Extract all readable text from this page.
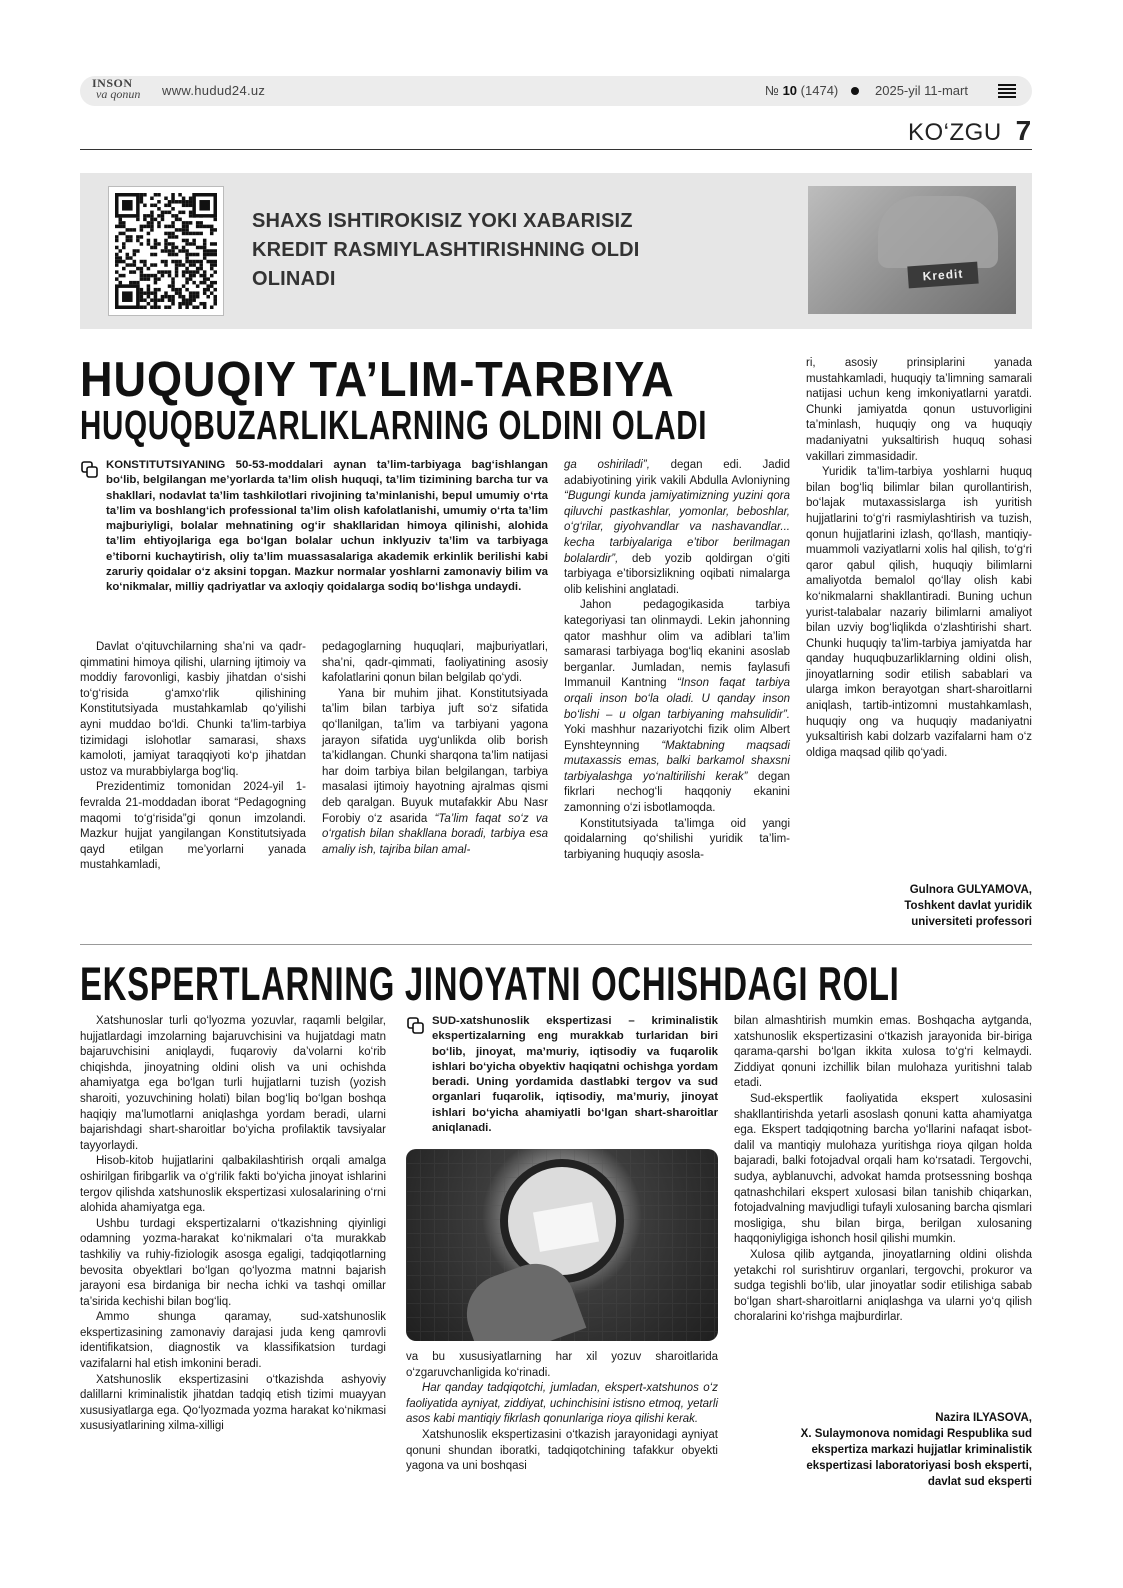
INSON
va qonun	www.hudud24.uz	№ 10 (1474)	2025-yil 11-mart
KO‘ZGU 7
SHAXS ISHTIROKISIZ YOKI XABARISIZ KREDIT RASMIYLASHTIRISHNING OLDI OLINADI	Kredit
HUQUQIY TA’LIM-TARBIYA
HUQUQBUZARLIKLARNING OLDINI OLADI
KONSTITUTSIYANING 50-53-moddalari aynan ta’lim-tarbiyaga bag‘ishlangan bo‘lib, belgilangan me’yorlarda ta’lim olish huquqi, ta’lim tizimining barcha tur va shakllari, nodavlat ta’lim tashkilotlari rivojining ta’minlanishi, bepul umumiy o‘rta ta’lim va boshlang‘ich professional ta’lim olish kafolatlanishi, umumiy o‘rta ta’lim majburiyligi, bolalar mehnatining og‘ir shakllaridan himoya qilinishi, alohida ta’lim ehtiyojlariga ega bo‘lgan bolalar uchun inklyuziv ta’lim va tarbiyaga e’tiborni kuchaytirish, oliy ta’lim muassasalariga akademik erkinlik berilishi kabi zaruriy qoidalar o‘z aksini topgan. Mazkur normalar yoshlarni zamonaviy bilim va ko‘nikmalar, milliy qadriyatlar va axloqiy qoidalarga sodiq bo‘lishga undaydi.

Davlat o‘qituvchilarning sha’ni va qadr-qimmatini himoya qilishi, ularning ijtimoiy va moddiy farovonligi, kasbiy jihatdan o‘sishi to‘g‘risida g‘amxo‘rlik qilishining Konstitutsiyada mustahkamlab qo‘yilishi ayni muddao bo‘ldi. Chunki ta’lim-tarbiya tizimidagi islohotlar samarasi, shaxs kamoloti, jamiyat taraqqiyoti ko‘p jihatdan ustoz va murabbiylarga bog‘liq.

Prezidentimiz tomonidan 2024-yil 1-fevralda 21-moddadan iborat “Pedagogning maqomi to‘g‘risida”gi qonun imzolandi. Mazkur hujjat yangilangan Konstitutsiyada qayd etilgan me’yorlarni yanada mustahkamladi,

pedagoglarning huquqlari, majburiyatlari, sha’ni, qadr-qimmati, faoliyatining asosiy kafolatlarini qonun bilan belgilab qo‘ydi.

Yana bir muhim jihat. Konstitutsiyada ta’lim bilan tarbiya juft so‘z sifatida qo‘llanilgan, ta’lim va tarbiyani yagona jarayon sifatida uyg‘unlikda olib borish ta’kidlangan. Chunki sharqona ta’lim natijasi har doim tarbiya bilan belgilangan, tarbiya masalasi ijtimoiy hayotning ajralmas qismi deb qaralgan. Buyuk mutafakkir Abu Nasr Forobiy o‘z asarida “Ta’lim faqat so‘z va o‘rgatish bilan shakllana boradi, tarbiya esa amaliy ish, tajriba bilan amal-

ga oshiriladi”, degan edi. Jadid adabiyotining yirik vakili Abdulla Avloniyning “Bugungi kunda jamiyatimizning yuzini qora qiluvchi pastkashlar, yomonlar, beboshlar, o‘g‘rilar, giyohvandlar va nashavandlar... kecha tarbiyalariga e’tibor berilmagan bolalardir”, deb yozib qoldirgan o‘giti tarbiyaga e’tiborsizlikning oqibati nimalarga olib kelishini anglatadi.

Jahon pedagogikasida tarbiya kategoriyasi tan olinmaydi. Lekin jahonning qator mashhur olim va adiblari ta’lim samarasi tarbiyaga bog‘liq ekanini asoslab berganlar. Jumladan, nemis faylasufi Immanuil Kantning “Inson faqat tarbiya orqali inson bo‘la oladi. U qanday inson bo‘lishi – u olgan tarbiyaning mahsulidir”. Yoki mashhur nazariyotchi fizik olim Albert Eynshteynning “Maktabning maqsadi mutaxassis emas, balki barkamol shaxsni tarbiyalashga yo‘naltirilishi kerak” degan fikrlari nechog‘li haqqoniy ekanini zamonning o‘zi isbotlamoqda.

Konstitutsiyada ta’limga oid yangi qoidalarning qo‘shilishi yuridik ta’lim-tarbiyaning huquqiy asosla-

ri, asosiy prinsiplarini yanada mustahkamladi, huquqiy ta’limning samarali natijasi uchun keng imkoniyatlarni yaratdi. Chunki jamiyatda qonun ustuvorligini ta’minlash, huquqiy ong va huquqiy madaniyatni yuksaltirish huquq sohasi vakillari zimmasidadir.

Yuridik ta’lim-tarbiya yoshlarni huquq bilan bog‘liq bilimlar bilan qurollantirish, bo‘lajak mutaxassislarga ish yuritish hujjatlarini to‘g‘ri rasmiylashtirish va tuzish, qonun hujjatlarini izlash, qo‘llash, mantiqiy-muammoli vaziyatlarni xolis hal qilish, to‘g‘ri qaror qabul qilish, huquqiy bilimlarni amaliyotda bemalol qo‘llay olish kabi ko‘nikmalarni shakllantiradi. Buning uchun yurist-talabalar nazariy bilimlarni amaliyot bilan uzviy bog‘liqlikda o‘zlashtirishi shart. Chunki huquqiy ta’lim-tarbiya jamiyatda har qanday huquqbuzarliklarning oldini olish, jinoyatlarning sodir etilish sabablari va ularga imkon berayotgan shart-sharoitlarni aniqlash, tartib-intizomni mustahkamlash, huquqiy ong va huquqiy madaniyatni yuksaltirish kabi dolzarb vazifalarni ham o‘z oldiga maqsad qilib qo‘yadi.

Gulnora GULYAMOVA,
Toshkent davlat yuridik
universiteti professori
EKSPERTLARNING JINOYATNI OCHISHDAGI ROLI

Xatshunoslar turli qo‘lyozma yozuvlar, raqamli belgilar, hujjatlardagi imzolarning bajaruvchisini va hujjatdagi matn bajaruvchisini aniqlaydi, fuqaroviy da’volarni ko‘rib chiqishda, jinoyatning oldini olish va uni ochishda ahamiyatga ega bo‘lgan turli hujjatlarni tuzish (yozish sharoiti, yozuvchining holati) bilan bog‘liq bo‘lgan boshqa haqiqiy ma’lumotlarni aniqlashga yordam beradi, ularni bajarishdagi shart-sharoitlar bo‘yicha profilaktik tavsiyalar tayyorlaydi.

Hisob-kitob hujjatlarini qalbakilashtirish orqali amalga oshirilgan firibgarlik va o‘g‘rilik fakti bo‘yicha jinoyat ishlarini tergov qilishda xatshunoslik ekspertizasi xulosalarining o‘rni alohida ahamiyatga ega.

Ushbu turdagi ekspertizalarni o‘tkazishning qiyinligi odamning yozma-harakat ko‘nikmalari o‘ta murakkab tashkiliy va ruhiy-fiziologik asosga egaligi, tadqiqotlarning bevosita obyektlari bo‘lgan qo‘lyozma matnni bajarish jarayoni esa birdaniga bir necha ichki va tashqi omillar ta’sirida kechishi bilan bog‘liq.

Ammo shunga qaramay, sud-xatshunoslik ekspertizasining zamonaviy darajasi juda keng qamrovli identifikatsion, diagnostik va klassifikatsion turdagi vazifalarni hal etish imkonini beradi.

Xatshunoslik ekspertizasini o‘tkazishda ashyoviy dalillarni kriminalistik jihatdan tadqiq etish tizimi muayyan xususiyatlarga ega. Qo‘lyozmada yozma harakat ko‘nikmasi xususiyatlarining xilma-xilligi

SUD-xatshunoslik ekspertizasi – kriminalistik ekspertizalarning eng murakkab turlaridan biri bo‘lib, jinoyat, ma’muriy, iqtisodiy va fuqarolik ishlari bo‘yicha obyektiv haqiqatni ochishga yordam beradi. Uning yordamida dastlabki tergov va sud organlari fuqarolik, iqtisodiy, ma’muriy, jinoyat ishlari bo‘yicha ahamiyatli bo‘lgan shart-sharoitlar aniqlanadi.

va bu xususiyatlarning har xil yozuv sharoitlarida o‘zgaruvchanligida ko‘rinadi.

Har qanday tadqiqotchi, jumladan, ekspert-xatshunos o‘z faoliyatida ayniyat, ziddiyat, uchinchisini istisno etmoq, yetarli asos kabi mantiqiy fikrlash qonunlariga rioya qilishi kerak.

Xatshunoslik ekspertizasini o‘tkazish jarayonidagi ayniyat qonuni shundan iboratki, tadqiqotchining tafakkur obyekti yagona va uni boshqasi

bilan almashtirish mumkin emas. Boshqacha aytganda, xatshunoslik ekspertizasini o‘tkazish jarayonida bir-biriga qarama-qarshi bo‘lgan ikkita xulosa to‘g‘ri kelmaydi. Ziddiyat qonuni izchillik bilan mulohaza yuritishni talab etadi.

Sud-ekspertlik faoliyatida ekspert xulosasini shakllantirishda yetarli asoslash qonuni katta ahamiyatga ega. Ekspert tadqiqotning barcha yo‘llarini nafaqat isbot-dalil va mantiqiy mulohaza yuritishga rioya qilgan holda bajaradi, balki fotojadval orqali ham ko‘rsatadi. Tergovchi, sudya, ayblanuvchi, advokat hamda protsessning boshqa qatnashchilari ekspert xulosasi bilan tanishib chiqarkan, fotojadvalning mavjudligi tufayli xulosaning barcha qismlari mosligiga, shu bilan birga, berilgan xulosaning haqqoniyligiga ishonch hosil qilishi mumkin.

Xulosa qilib aytganda, jinoyatlarning oldini olishda yetakchi rol surishtiruv organlari, tergovchi, prokuror va sudga tegishli bo‘lib, ular jinoyatlar sodir etilishiga sabab bo‘lgan shart-sharoitlarni aniqlashga va ularni yo‘q qilish choralarini ko‘rishga majburdirlar.

Nazira ILYASOVA,
X. Sulaymonova nomidagi Respublika sud
ekspertiza markazi hujjatlar kriminalistik
ekspertizasi laboratoriyasi bosh eksperti,
davlat sud eksperti
